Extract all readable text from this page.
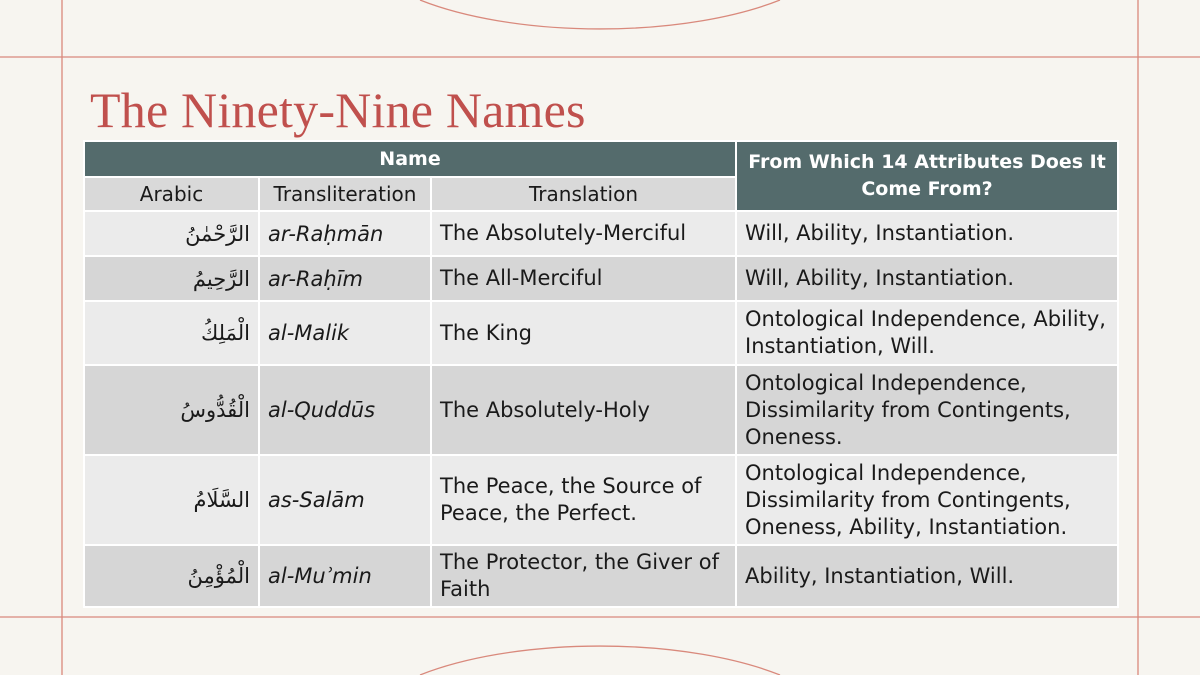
The Ninety-Nine Names
Name			From Which 14 Attributes Does It Come From?
Arabic	Transliteration	Translation	
الرَّحْمٰنُ	ar-Raḥmān	The Absolutely-Merciful	Will, Ability, Instantiation.
الرَّحِيمُ	ar-Raḥīm	The All-Merciful	Will, Ability, Instantiation.
الْمَلِكُ	al-Malik	The King	Ontological Independence, Ability, Instantiation, Will.
الْقُدُّوسُ	al-Quddūs	The Absolutely-Holy	Ontological Independence, Dissimilarity from Contingents, Oneness.
السَّلَامُ	as-Salām	The Peace, the Source of Peace, the Perfect.	Ontological Independence, Dissimilarity from Contingents, Oneness, Ability, Instantiation.
الْمُؤْمِنُ	al-Muʾmin	The Protector, the Giver of Faith	Ability, Instantiation, Will.
